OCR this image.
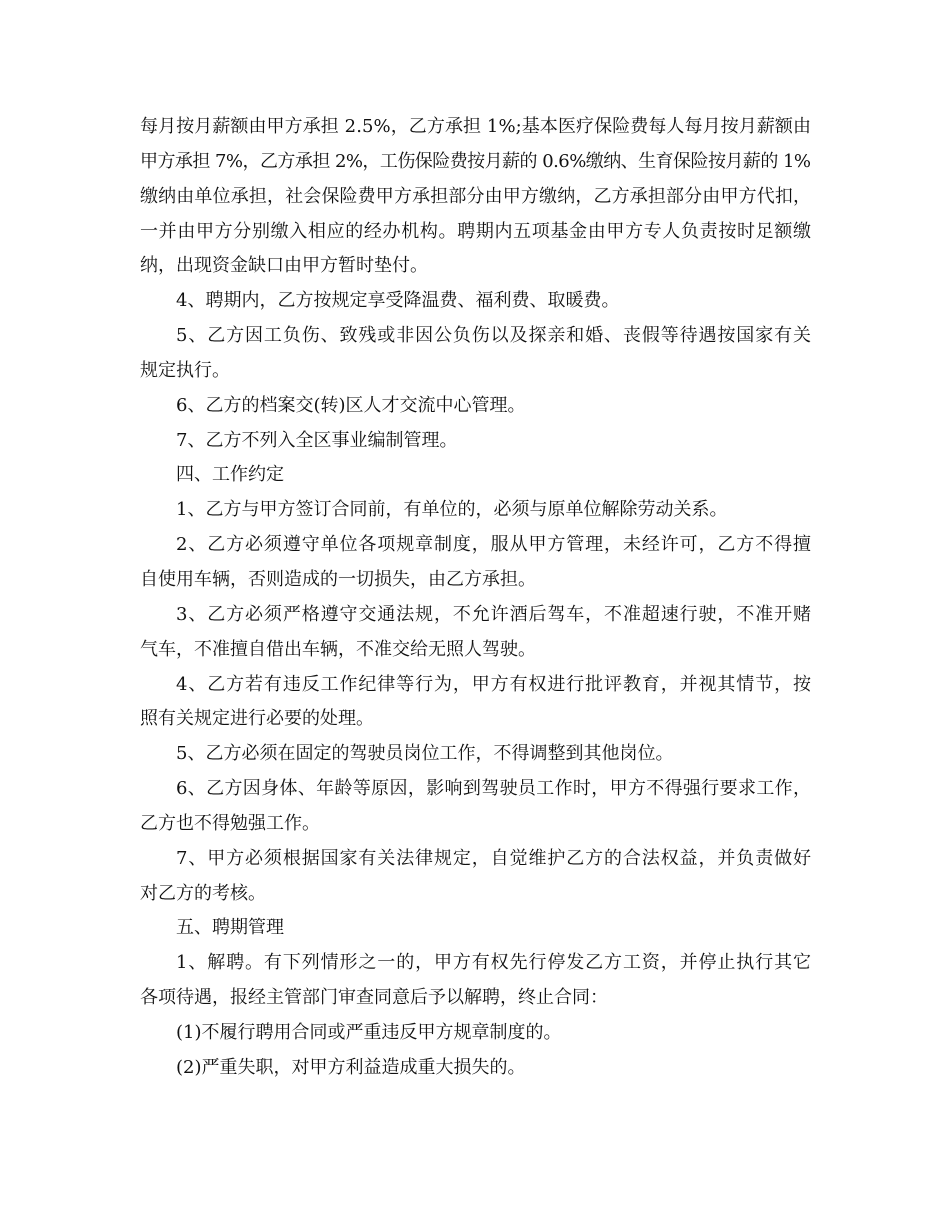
每月按月薪额由甲方承担 2.5%，乙方承担 1%;基本医疗保险费每人每月按月薪额由
甲方承担 7%，乙方承担 2%，工伤保险费按月薪的 0.6%缴纳、生育保险按月薪的 1%
缴纳由单位承担，社会保险费甲方承担部分由甲方缴纳，乙方承担部分由甲方代扣，
一并由甲方分别缴入相应的经办机构。聘期内五项基金由甲方专人负责按时足额缴
纳，出现资金缺口由甲方暂时垫付。
4、聘期内，乙方按规定享受降温费、福利费、取暖费。
5、乙方因工负伤、致残或非因公负伤以及探亲和婚、丧假等待遇按国家有关
规定执行。
6、乙方的档案交(转)区人才交流中心管理。
7、乙方不列入全区事业编制管理。
四、工作约定
1、乙方与甲方签订合同前，有单位的，必须与原单位解除劳动关系。
2、乙方必须遵守单位各项规章制度，服从甲方管理，未经许可，乙方不得擅
自使用车辆，否则造成的一切损失，由乙方承担。
3、乙方必须严格遵守交通法规，不允许酒后驾车，不准超速行驶，不准开赌
气车，不准擅自借出车辆，不准交给无照人驾驶。
4、乙方若有违反工作纪律等行为，甲方有权进行批评教育，并视其情节，按
照有关规定进行必要的处理。
5、乙方必须在固定的驾驶员岗位工作，不得调整到其他岗位。
6、乙方因身体、年龄等原因，影响到驾驶员工作时，甲方不得强行要求工作，
乙方也不得勉强工作。
7、甲方必须根据国家有关法律规定，自觉维护乙方的合法权益，并负责做好
对乙方的考核。
五、聘期管理
1、解聘。有下列情形之一的，甲方有权先行停发乙方工资，并停止执行其它
各项待遇，报经主管部门审查同意后予以解聘，终止合同：
(1)不履行聘用合同或严重违反甲方规章制度的。
(2)严重失职，对甲方利益造成重大损失的。
